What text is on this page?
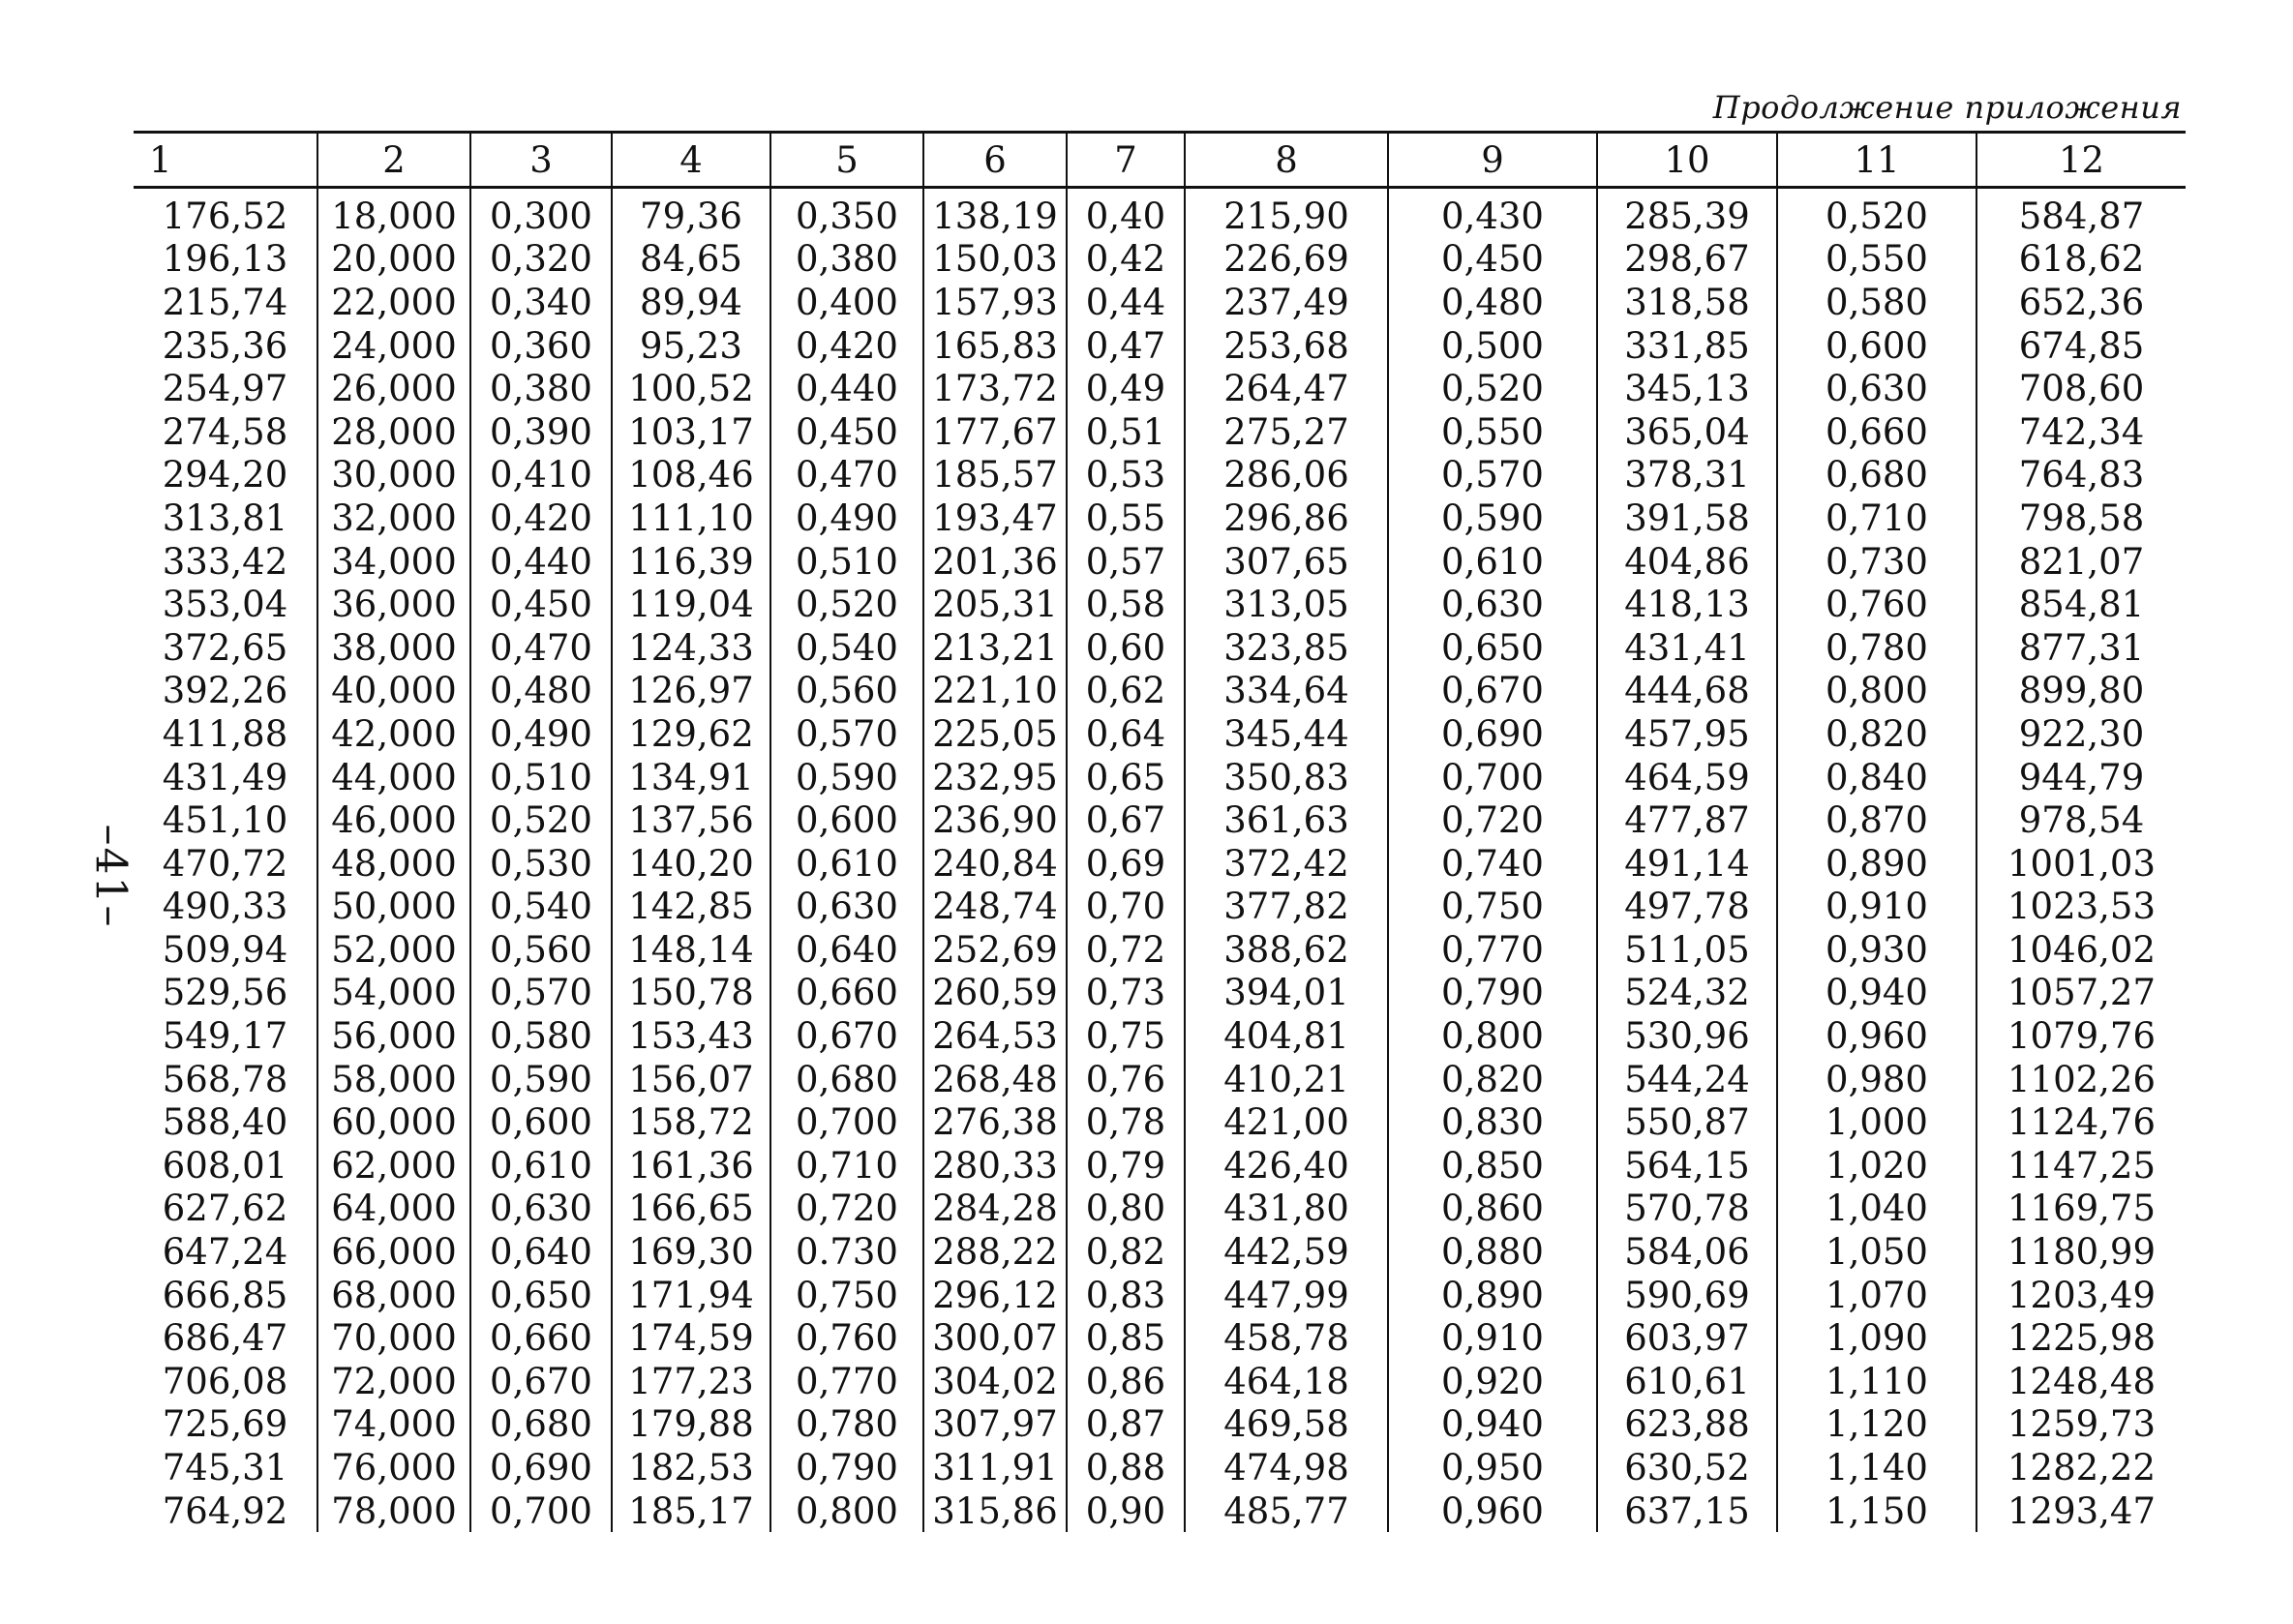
Продолжение приложения
–41–
1	2	3	4	5	6	7	8	9	10	11	12
176,52	18,000	0,300	79,36	0,350	138,19	0,40	215,90	0,430	285,39	0,520	584,87
196,13	20,000	0,320	84,65	0,380	150,03	0,42	226,69	0,450	298,67	0,550	618,62
215,74	22,000	0,340	89,94	0,400	157,93	0,44	237,49	0,480	318,58	0,580	652,36
235,36	24,000	0,360	95,23	0,420	165,83	0,47	253,68	0,500	331,85	0,600	674,85
254,97	26,000	0,380	100,52	0,440	173,72	0,49	264,47	0,520	345,13	0,630	708,60
274,58	28,000	0,390	103,17	0,450	177,67	0,51	275,27	0,550	365,04	0,660	742,34
294,20	30,000	0,410	108,46	0,470	185,57	0,53	286,06	0,570	378,31	0,680	764,83
313,81	32,000	0,420	111,10	0,490	193,47	0,55	296,86	0,590	391,58	0,710	798,58
333,42	34,000	0,440	116,39	0,510	201,36	0,57	307,65	0,610	404,86	0,730	821,07
353,04	36,000	0,450	119,04	0,520	205,31	0,58	313,05	0,630	418,13	0,760	854,81
372,65	38,000	0,470	124,33	0,540	213,21	0,60	323,85	0,650	431,41	0,780	877,31
392,26	40,000	0,480	126,97	0,560	221,10	0,62	334,64	0,670	444,68	0,800	899,80
411,88	42,000	0,490	129,62	0,570	225,05	0,64	345,44	0,690	457,95	0,820	922,30
431,49	44,000	0,510	134,91	0,590	232,95	0,65	350,83	0,700	464,59	0,840	944,79
451,10	46,000	0,520	137,56	0,600	236,90	0,67	361,63	0,720	477,87	0,870	978,54
470,72	48,000	0,530	140,20	0,610	240,84	0,69	372,42	0,740	491,14	0,890	1001,03
490,33	50,000	0,540	142,85	0,630	248,74	0,70	377,82	0,750	497,78	0,910	1023,53
509,94	52,000	0,560	148,14	0,640	252,69	0,72	388,62	0,770	511,05	0,930	1046,02
529,56	54,000	0,570	150,78	0,660	260,59	0,73	394,01	0,790	524,32	0,940	1057,27
549,17	56,000	0,580	153,43	0,670	264,53	0,75	404,81	0,800	530,96	0,960	1079,76
568,78	58,000	0,590	156,07	0,680	268,48	0,76	410,21	0,820	544,24	0,980	1102,26
588,40	60,000	0,600	158,72	0,700	276,38	0,78	421,00	0,830	550,87	1,000	1124,76
608,01	62,000	0,610	161,36	0,710	280,33	0,79	426,40	0,850	564,15	1,020	1147,25
627,62	64,000	0,630	166,65	0,720	284,28	0,80	431,80	0,860	570,78	1,040	1169,75
647,24	66,000	0,640	169,30	0.730	288,22	0,82	442,59	0,880	584,06	1,050	1180,99
666,85	68,000	0,650	171,94	0,750	296,12	0,83	447,99	0,890	590,69	1,070	1203,49
686,47	70,000	0,660	174,59	0,760	300,07	0,85	458,78	0,910	603,97	1,090	1225,98
706,08	72,000	0,670	177,23	0,770	304,02	0,86	464,18	0,920	610,61	1,110	1248,48
725,69	74,000	0,680	179,88	0,780	307,97	0,87	469,58	0,940	623,88	1,120	1259,73
745,31	76,000	0,690	182,53	0,790	311,91	0,88	474,98	0,950	630,52	1,140	1282,22
764,92	78,000	0,700	185,17	0,800	315,86	0,90	485,77	0,960	637,15	1,150	1293,47
